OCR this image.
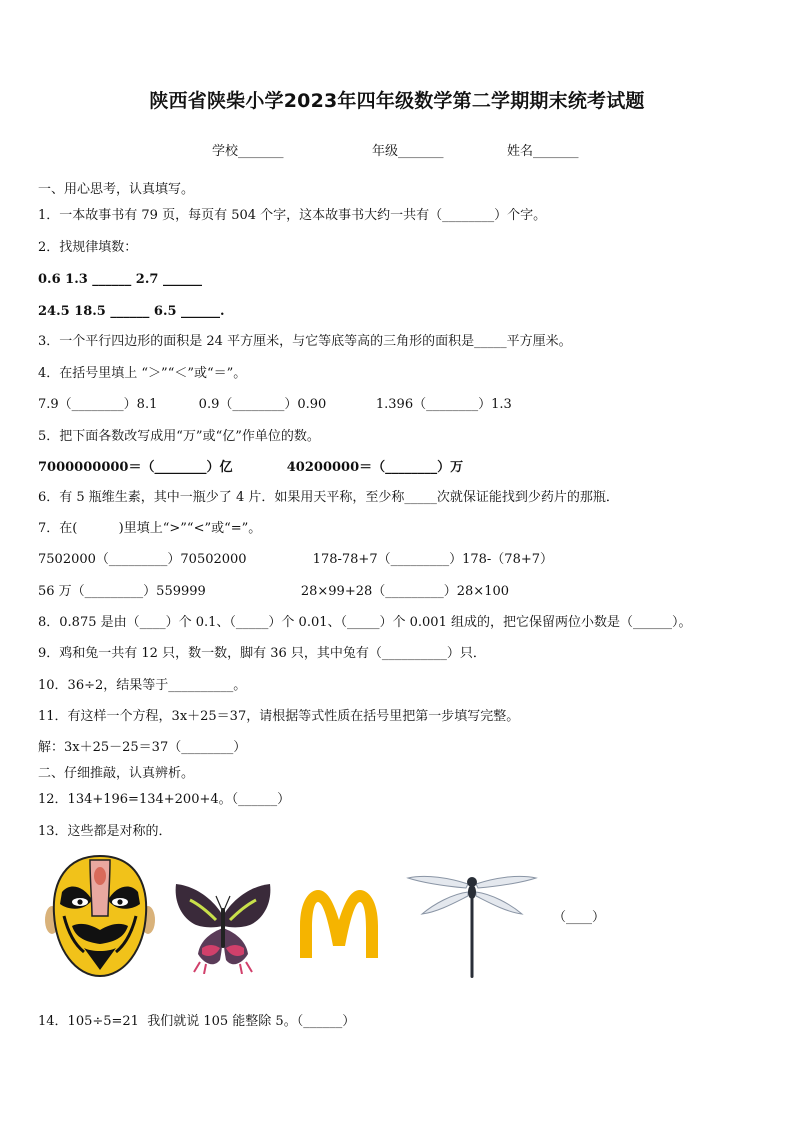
陕西省陕柴小学2023年四年级数学第二学期期末统考试题
学校_______	年级_______	姓名_______
一、用心思考，认真填写。
1．一本故事书有 79 页，每页有 504 个字，这本故事书大约一共有（________）个字。
2．找规律填数：
0.6 1.3 ______ 2.7 ______
24.5 18.5 ______ 6.5 ______.
3．一个平行四边形的面积是 24 平方厘米，与它等底等高的三角形的面积是_____平方厘米。
4．在括号里填上 “＞”“＜”或“＝”。
7.9（________）8.1          0.9（________）0.90            1.396（________）1.3
5．把下面各数改写成用“万”或“亿”作单位的数。
7000000000＝（________）亿            40200000＝（________）万
6．有 5 瓶维生素，其中一瓶少了 4 片．如果用天平称，至少称_____次就保证能找到少药片的那瓶．
7．在(          )里填上“>”“<”或“=”。
7502000（_________）70502000                178-78+7（_________）178-（78+7）
56 万（_________）559999                       28×99+28（_________）28×100
8．0.875 是由（____）个 0.1、（_____）个 0.01、（_____）个 0.001 组成的，把它保留两位小数是（______）。
9．鸡和兔一共有 12 只，数一数，脚有 36 只，其中兔有（__________）只．
10．36÷2，结果等于__________。
11．有这样一个方程，3x＋25＝37，请根据等式性质在括号里把第一步填写完整。
解：3x＋25－25＝37（________）
二、仔细推敲，认真辨析。
12．134+196=134+200+4。（______）
13．这些都是对称的．
（____）
14．105÷5=21  我们就说 105 能整除 5。（______）
